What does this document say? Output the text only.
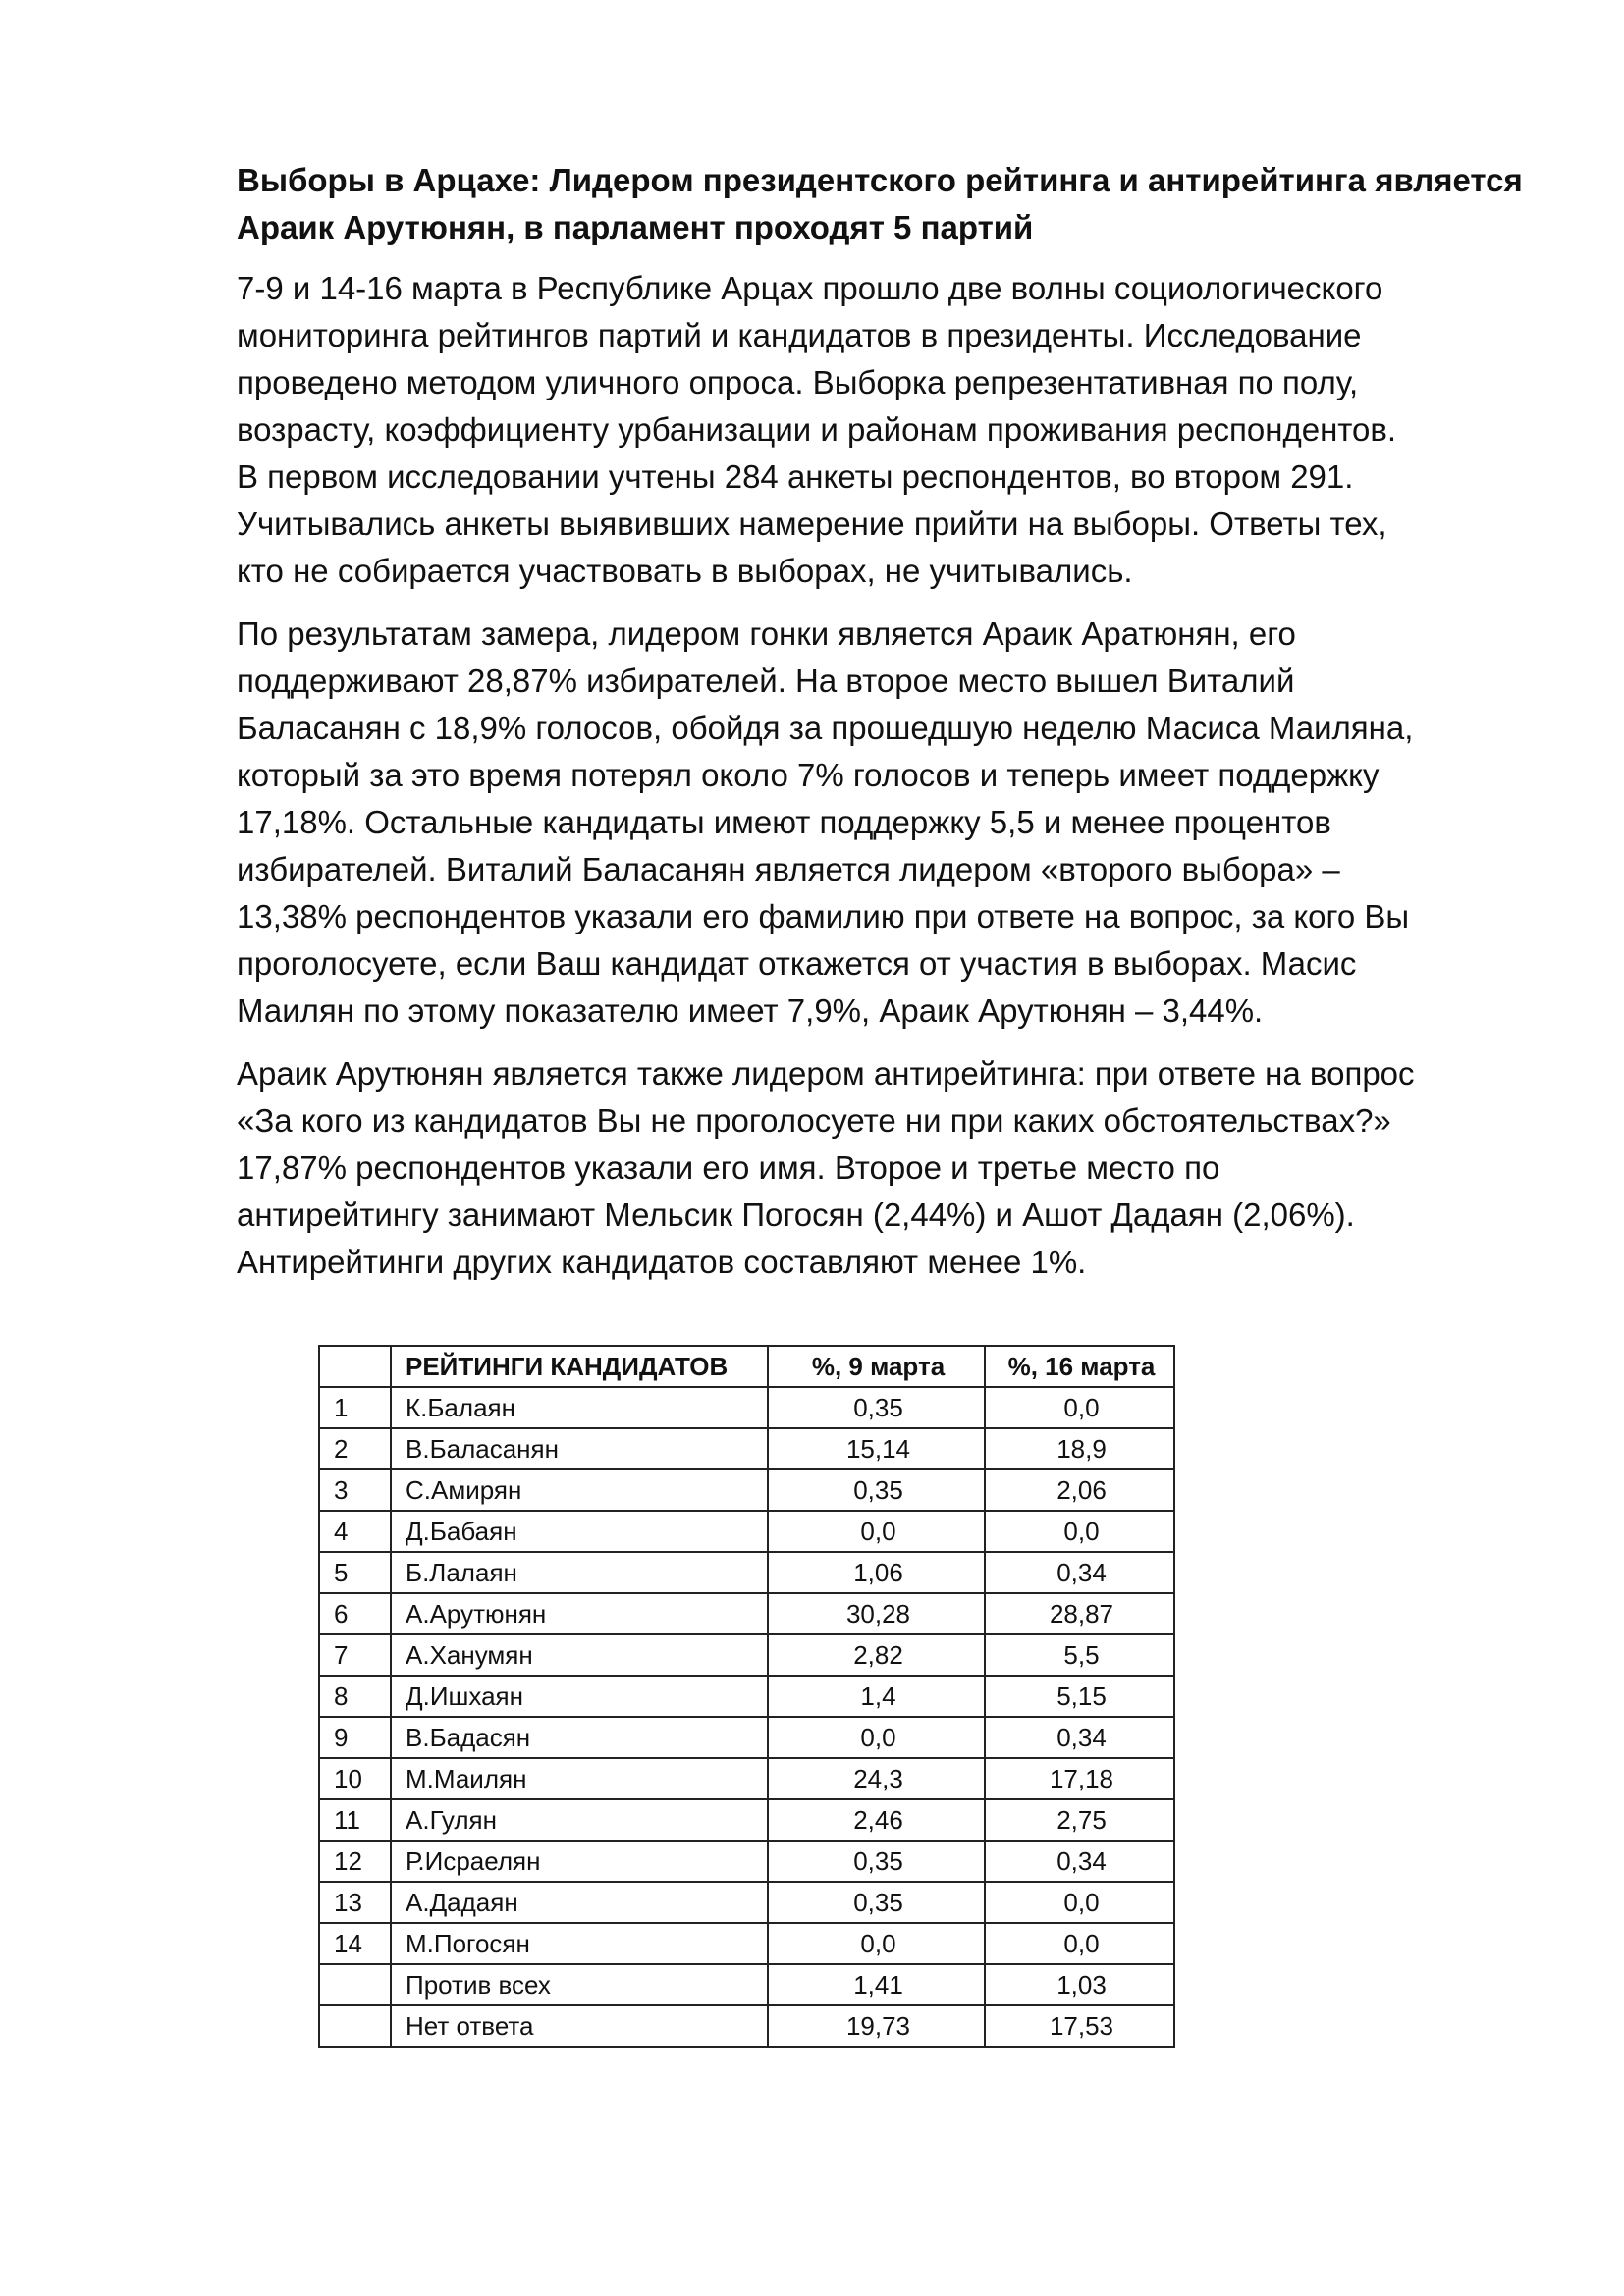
Выборы в Арцахе: Лидером президентского рейтинга и антирейтинга является Араик Арутюнян, в парламент проходят 5 партий

7-9 и 14-16 марта в Республике Арцах прошло две волны социологического
мониторинга рейтингов партий и кандидатов в президенты. Исследование
проведено методом уличного опроса. Выборка репрезентативная по полу,
возрасту, коэффициенту урбанизации и районам проживания респондентов.
В первом исследовании учтены 284 анкеты респондентов, во втором 291.
Учитывались анкеты выявивших намерение прийти на выборы. Ответы тех,
кто не собирается участвовать в выборах, не учитывались.

По результатам замера, лидером гонки является Араик Аратюнян, его
поддерживают 28,87% избирателей. На второе место вышел Виталий
Баласанян с 18,9% голосов, обойдя за прошедшую неделю Масиса Маиляна,
который за это время потерял около 7% голосов и теперь имеет поддержку
17,18%. Остальные кандидаты имеют поддержку 5,5 и менее процентов
избирателей. Виталий Баласанян является лидером «второго выбора» –
13,38% респондентов указали его фамилию при ответе на вопрос, за кого Вы
проголосуете, если Ваш кандидат откажется от участия в выборах. Масис
Маилян по этому показателю имеет 7,9%, Араик Арутюнян – 3,44%.

Араик Арутюнян является также лидером антирейтинга: при ответе на вопрос
«За кого из кандидатов Вы не проголосуете ни при каких обстоятельствах?»
17,87% респондентов указали его имя. Второе и третье место по
антирейтингу занимают Мельсик Погосян (2,44%) и Ашот Дадаян (2,06%).
Антирейтинги других кандидатов составляют менее 1%.

	РЕЙТИНГИ КАНДИДАТОВ	%, 9 марта	%, 16 марта
1	К.Балаян	0,35	0,0
2	В.Баласанян	15,14	18,9
3	С.Амирян	0,35	2,06
4	Д.Бабаян	0,0	0,0
5	Б.Лалаян	1,06	0,34
6	А.Арутюнян	30,28	28,87
7	А.Ханумян	2,82	5,5
8	Д.Ишхаян	1,4	5,15
9	В.Бадасян	0,0	0,34
10	М.Маилян	24,3	17,18
11	А.Гулян	2,46	2,75
12	Р.Исраелян	0,35	0,34
13	А.Дадаян	0,35	0,0
14	М.Погосян	0,0	0,0
	Против всех	1,41	1,03
	Нет ответа	19,73	17,53
